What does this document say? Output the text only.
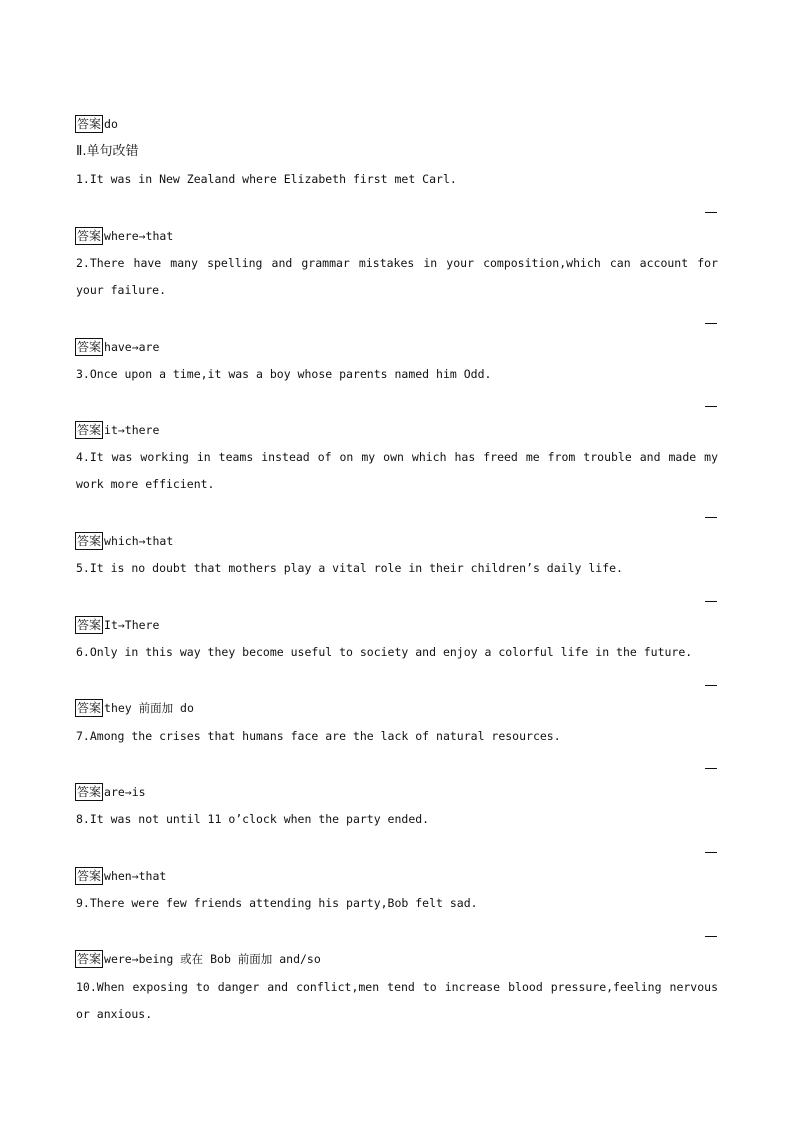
答案 do
Ⅱ.单句改错
1.It was in New Zealand where Elizabeth first met Carl.
答案 where→that
2.There have many spelling and grammar mistakes in your composition,which can account for your failure.
答案 have→are
3.Once upon a time,it was a boy whose parents named him Odd.
答案 it→there
4.It was working in teams instead of on my own which has freed me from trouble and made my work more efficient.
答案 which→that
5.It is no doubt that mothers play a vital role in their children’s daily life.
答案 It→There
6.Only in this way they become useful to society and enjoy a colorful life in the future.
答案 they 前面加 do
7.Among the crises that humans face are the lack of natural resources.
答案 are→is
8.It was not until 11 o’clock when the party ended.
答案 when→that
9.There were few friends attending his party,Bob felt sad.
答案 were→being 或在 Bob 前面加 and/so
10.When exposing to danger and conflict,men tend to increase blood pressure,feeling nervous or anxious.
